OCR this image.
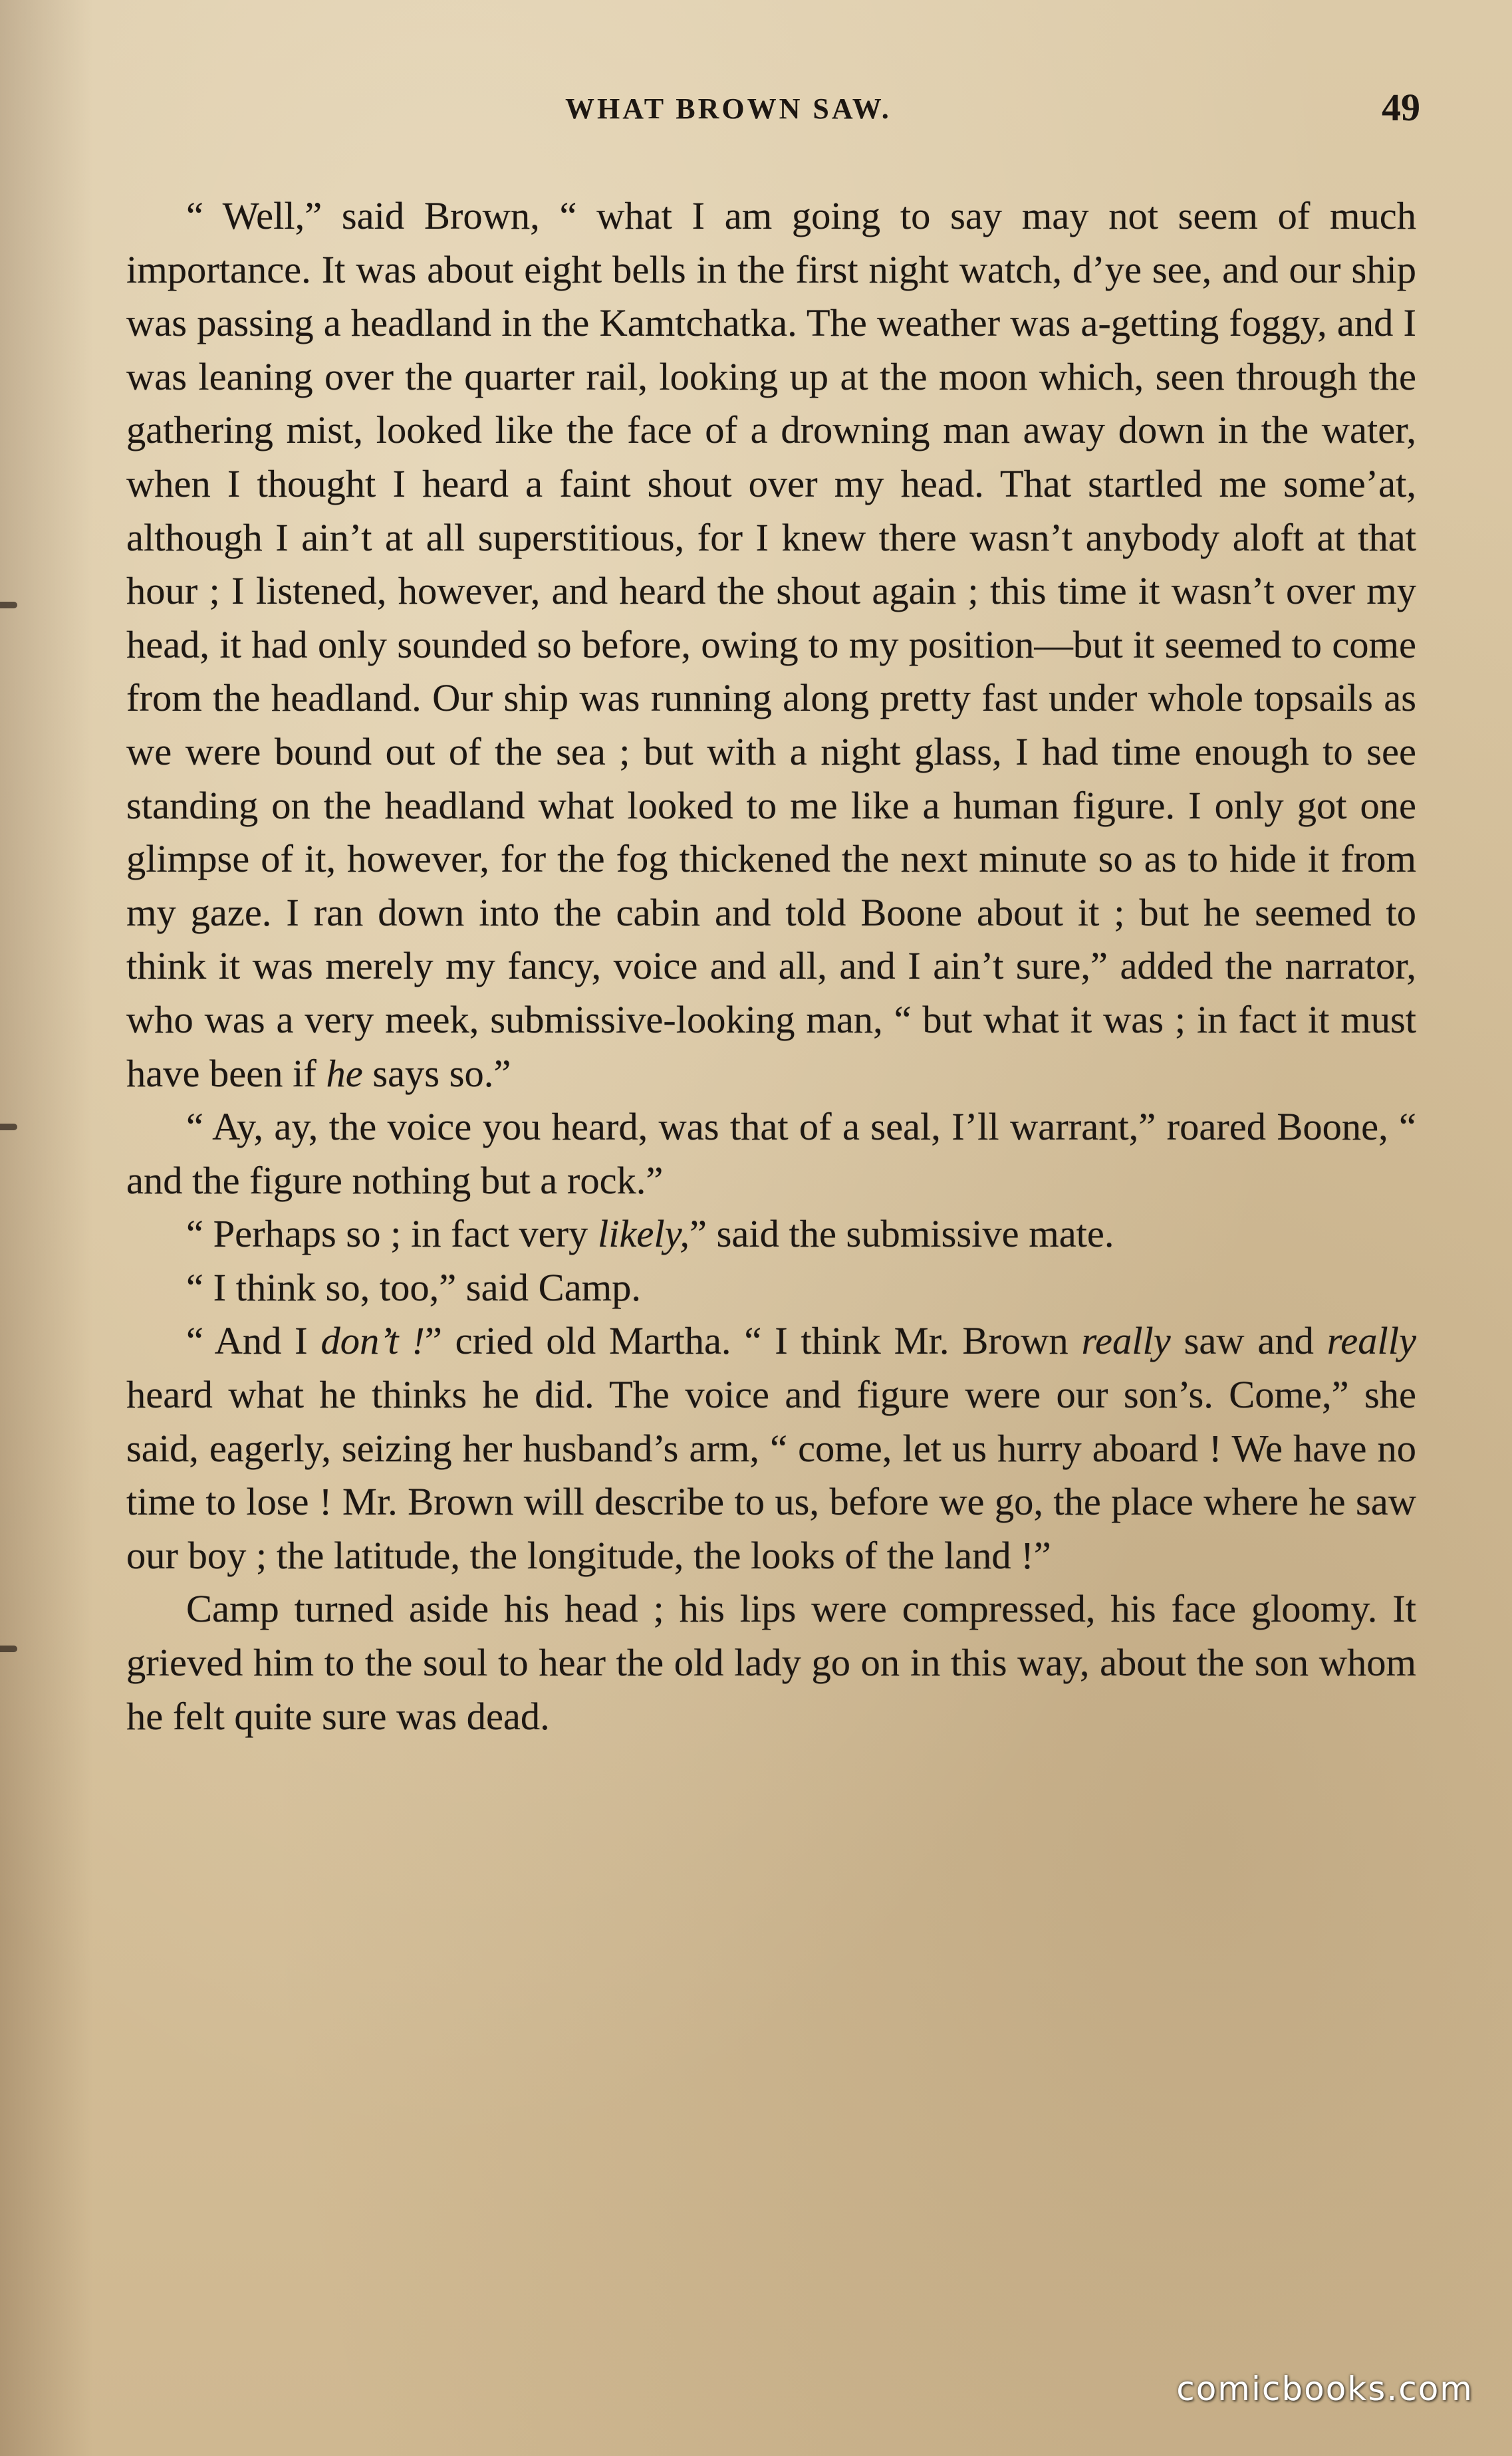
WHAT BROWN SAW.	49

“ Well,” said Brown, “ what I am going to say may not seem of much importance. It was about eight bells in the first night watch, d’ye see, and our ship was passing a headland in the Kamtchatka. The weather was a-getting foggy, and I was leaning over the quarter rail, looking up at the moon which, seen through the gathering mist, looked like the face of a drowning man away down in the water, when I thought I heard a faint shout over my head. That startled me some’at, although I ain’t at all superstitious, for I knew there wasn’t anybody aloft at that hour ; I listened, however, and heard the shout again ; this time it wasn’t over my head, it had only sounded so before, owing to my position—but it seemed to come from the headland. Our ship was running along pretty fast under whole topsails as we were bound out of the sea ; but with a night glass, I had time enough to see standing on the headland what looked to me like a human figure. I only got one glimpse of it, however, for the fog thickened the next minute so as to hide it from my gaze. I ran down into the cabin and told Boone about it ; but he seemed to think it was merely my fancy, voice and all, and I ain’t sure,” added the narrator, who was a very meek, submissive-looking man, “ but what it was ; in fact it must have been if he says so.”

“ Ay, ay, the voice you heard, was that of a seal, I’ll warrant,” roared Boone, “ and the figure nothing but a rock.”

“ Perhaps so ; in fact very likely,” said the submissive mate.

“ I think so, too,” said Camp.

“ And I don’t !” cried old Martha. “ I think Mr. Brown really saw and really heard what he thinks he did. The voice and figure were our son’s. Come,” she said, eagerly, seizing her husband’s arm, “ come, let us hurry aboard ! We have no time to lose ! Mr. Brown will describe to us, before we go, the place where he saw our boy ; the latitude, the longitude, the looks of the land !”

Camp turned aside his head ; his lips were compressed, his face gloomy. It grieved him to the soul to hear the old lady go on in this way, about the son whom he felt quite sure was dead.

comicbooks.com
